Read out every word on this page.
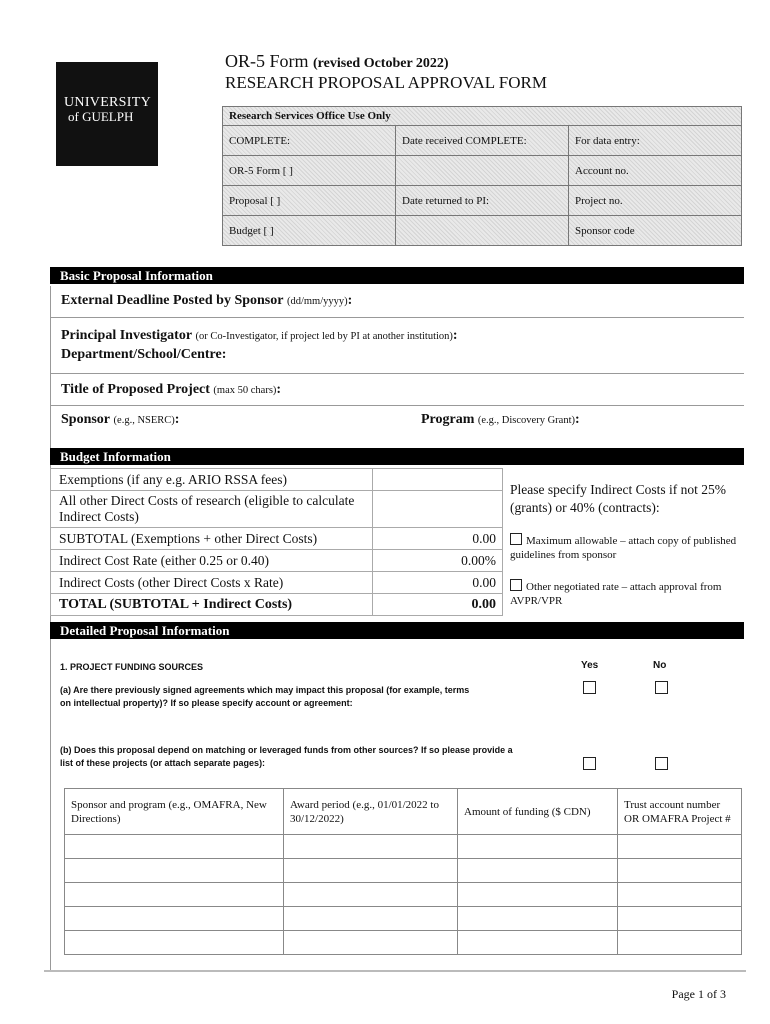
UNIVERSITY
of GUELPH
OR-5 Form (revised October 2022)
RESEARCH PROPOSAL APPROVAL FORM
Research Services Office Use Only		
COMPLETE:	Date received COMPLETE:	For data entry:
OR-5 Form [ ]		Account no.
Proposal [ ]	Date returned to PI:	Project no.
Budget [ ]		Sponsor code
Basic Proposal Information
External Deadline Posted by Sponsor (dd/mm/yyyy):
Principal Investigator (or Co-Investigator, if project led by PI at another institution):
Department/School/Centre:
Title of Proposed Project (max 50 chars):
Sponsor (e.g., NSERC):	Program (e.g., Discovery Grant):
Budget Information
Exemptions (if any e.g. ARIO RSSA fees)	
All other Direct Costs of research (eligible to calculate Indirect Costs)	
SUBTOTAL (Exemptions + other Direct Costs)	0.00
Indirect Cost Rate (either 0.25 or 0.40)	0.00%
Indirect Costs (other Direct Costs x Rate)	0.00
TOTAL (SUBTOTAL + Indirect Costs)	0.00
Please specify Indirect Costs if not 25% (grants) or 40% (contracts):
Maximum allowable – attach copy of published guidelines from sponsor
Other negotiated rate – attach approval from AVPR/VPR
Detailed Proposal Information
1. PROJECT FUNDING SOURCES	Yes	No
(a) Are there previously signed agreements which may impact this proposal (for example, terms on intellectual property)? If so please specify account or agreement:
(b) Does this proposal depend on matching or leveraged funds from other sources? If so please provide a list of these projects (or attach separate pages):
Sponsor and program (e.g., OMAFRA, New Directions)	Award period (e.g., 01/01/2022 to 30/12/2022)	Amount of funding ($ CDN)	Trust account number OR OMAFRA Project #

Page 1 of 3
